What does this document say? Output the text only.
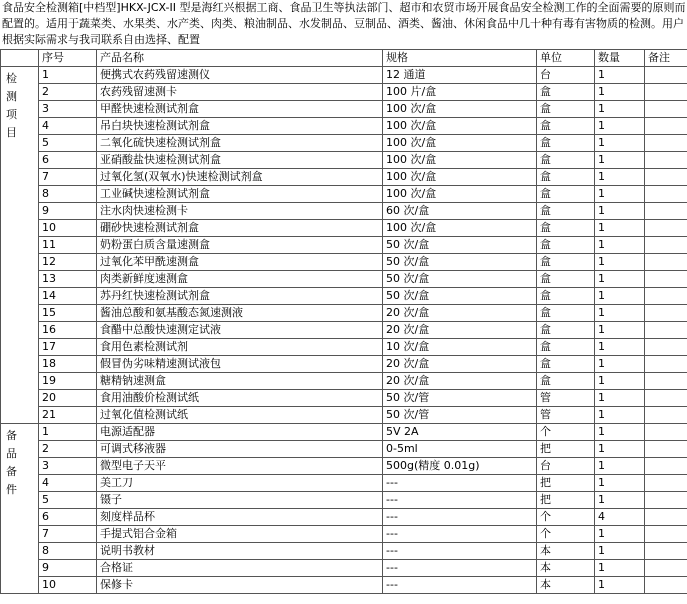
食品安全检测箱[中档型]HKX-JCX-II 型是海红兴根据工商、食品卫生等执法部门、超市和农贸市场开展食品安全检测工作的全面需要的原则而配置的。适用于蔬菜类、水果类、水产类、肉类、粮油制品、水发制品、豆制品、酒类、酱油、休闲食品中几十种有毒有害物质的检测。用户根据实际需求与我司联系自由选择、配置

	序号	产品名称	规格	单位	数量	备注

检
测
项
目	1	便携式农药残留速测仪	12 通道	台	1	
	2	农药残留速测卡	100 片/盒	盒	1	
	3	甲醛快速检测试剂盒	100 次/盒	盒	1	
	4	吊白块快速检测试剂盒	100 次/盒	盒	1	
	5	二氧化硫快速检测试剂盒	100 次/盒	盒	1	
	6	亚硝酸盐快速检测试剂盒	100 次/盒	盒	1	
	7	过氧化氢(双氧水)快速检测试剂盒	100 次/盒	盒	1	
	8	工业碱快速检测试剂盒	100 次/盒	盒	1	
	9	注水肉快速检测卡	60 次/盒	盒	1	
	10	硼砂快速检测试剂盒	100 次/盒	盒	1	
	11	奶粉蛋白质含量速测盒	50 次/盒	盒	1	
	12	过氧化苯甲酰速测盒	50 次/盒	盒	1	
	13	肉类新鲜度速测盒	50 次/盒	盒	1	
	14	苏丹红快速检测试剂盒	50 次/盒	盒	1	
	15	酱油总酸和氨基酸态氮速测液	20 次/盒	盒	1	
	16	食醋中总酸快速测定试液	20 次/盒	盒	1	
	17	食用色素检测试剂	10 次/盒	盒	1	
	18	假冒伪劣味精速测试液包	20 次/盒	盒	1	
	19	糖精钠速测盒	20 次/盒	盒	1	
	20	食用油酸价检测试纸	50 次/管	管	1	
	21	过氧化值检测试纸	50 次/管	管	1	

备
品
备
件	1	电源适配器	5V 2A	个	1	
	2	可调式移液器	0-5ml	把	1	
	3	微型电子天平	500g(精度 0.01g)	台	1	
	4	美工刀	---	把	1	
	5	镊子	---	把	1	
	6	刻度样品杯	---	个	4	
	7	手提式铝合金箱	---	个	1	
	8	说明书教材	---	本	1	
	9	合格证	---	本	1	
	10	保修卡	---	本	1	
